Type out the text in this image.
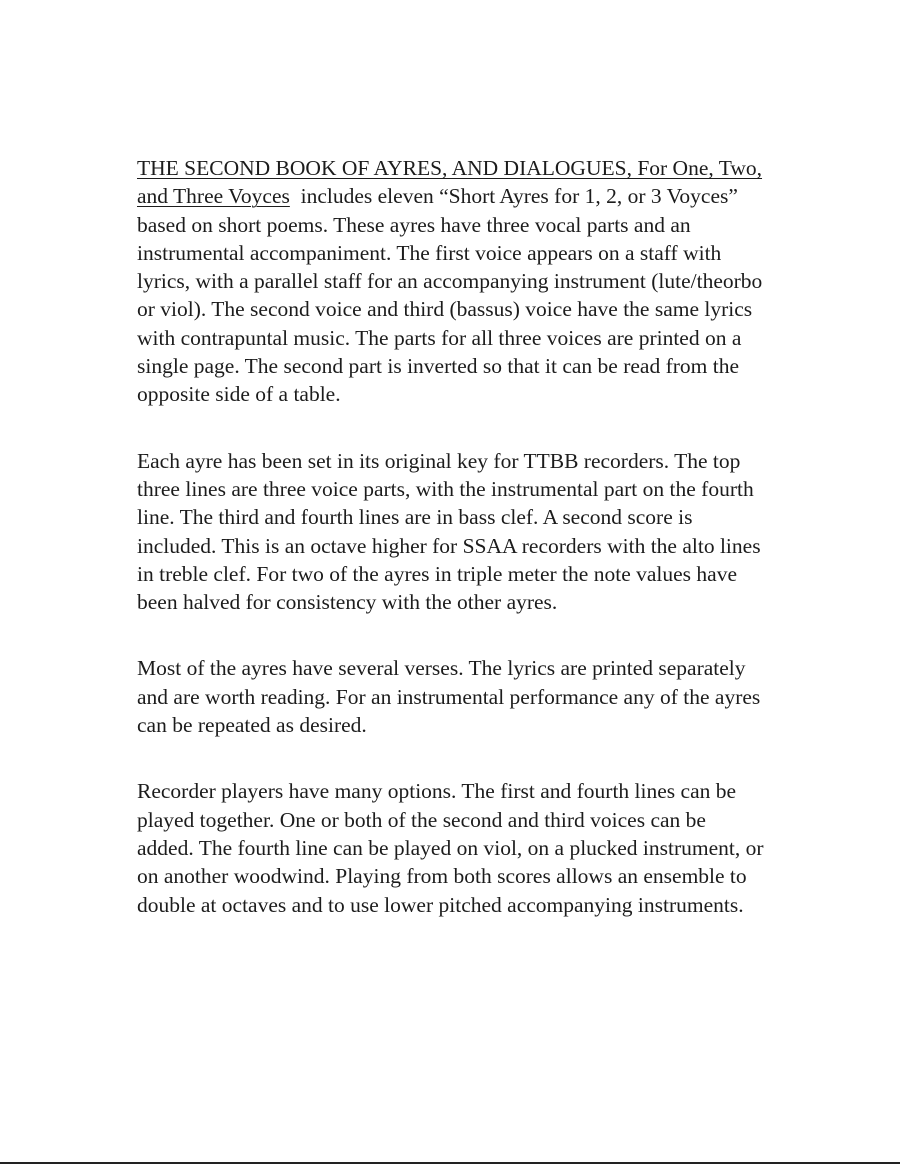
THE SECOND BOOK OF AYRES, AND DIALOGUES, For One, Two, and Three Voyces includes eleven “Short Ayres for 1, 2, or 3 Voyces” based on short poems. These ayres have three vocal parts and an instrumental accompaniment. The first voice appears on a staff with lyrics, with a parallel staff for an accompanying instrument (lute/theorbo or viol). The second voice and third (bassus) voice have the same lyrics with contrapuntal music. The parts for all three voices are printed on a single page. The second part is inverted so that it can be read from the opposite side of a table.

Each ayre has been set in its original key for TTBB recorders. The top three lines are three voice parts, with the instrumental part on the fourth line. The third and fourth lines are in bass clef. A second score is included. This is an octave higher for SSAA recorders with the alto lines in treble clef. For two of the ayres in triple meter the note values have been halved for consistency with the other ayres.

Most of the ayres have several verses. The lyrics are printed separately and are worth reading. For an instrumental performance any of the ayres can be repeated as desired.

Recorder players have many options. The first and fourth lines can be played together. One or both of the second and third voices can be added. The fourth line can be played on viol, on a plucked instrument, or on another woodwind. Playing from both scores allows an ensemble to double at octaves and to use lower pitched accompanying instruments.
